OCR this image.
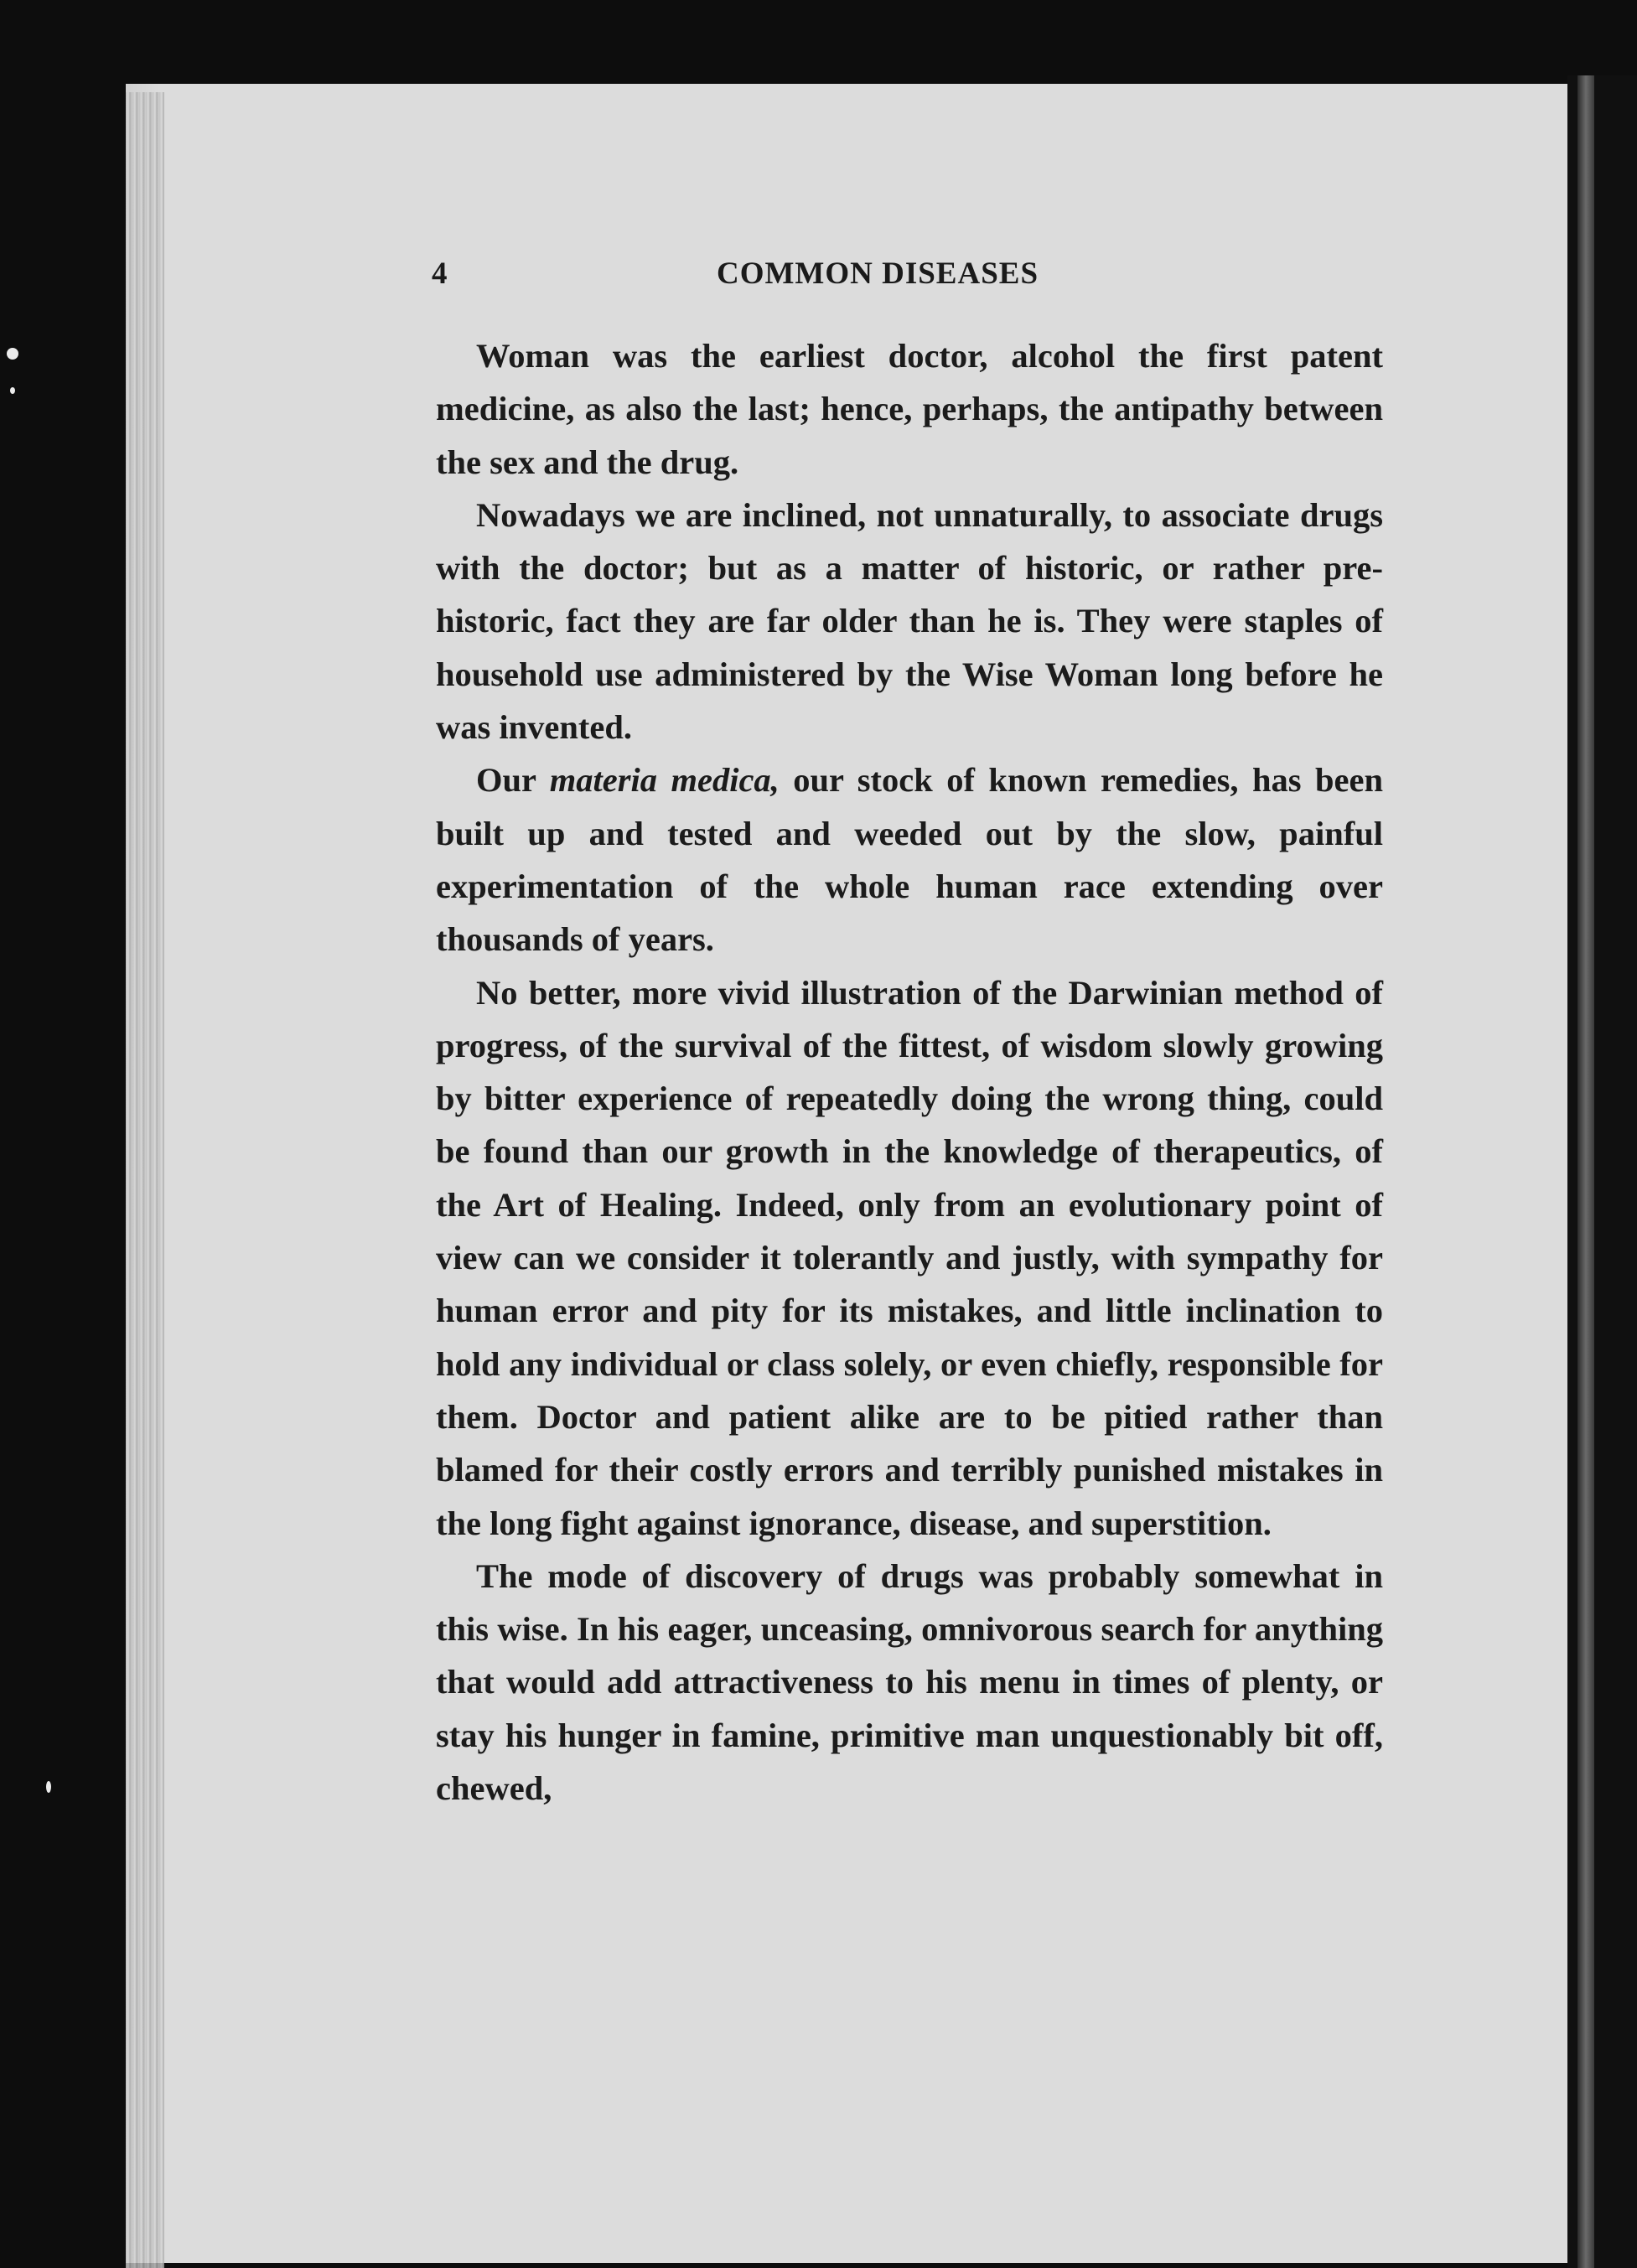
4	COMMON DISEASES

Woman was the earliest doctor, alcohol the first patent medicine, as also the last; hence, perhaps, the antipathy between the sex and the drug.

Nowadays we are inclined, not unnaturally, to associate drugs with the doctor; but as a matter of historic, or rather pre-historic, fact they are far older than he is. They were staples of household use administered by the Wise Woman long before he was invented.

Our materia medica, our stock of known remedies, has been built up and tested and weeded out by the slow, painful experimentation of the whole human race extending over thousands of years.

No better, more vivid illustration of the Darwinian method of progress, of the survival of the fittest, of wisdom slowly growing by bitter experience of repeatedly doing the wrong thing, could be found than our growth in the knowledge of therapeutics, of the Art of Healing. Indeed, only from an evolutionary point of view can we consider it tolerantly and justly, with sympathy for human error and pity for its mistakes, and little inclination to hold any individual or class solely, or even chiefly, responsible for them. Doctor and patient alike are to be pitied rather than blamed for their costly errors and terribly punished mistakes in the long fight against ignorance, disease, and superstition.

The mode of discovery of drugs was probably somewhat in this wise. In his eager, unceasing, omnivorous search for anything that would add attractiveness to his menu in times of plenty, or stay his hunger in famine, primitive man unquestionably bit off, chewed,
